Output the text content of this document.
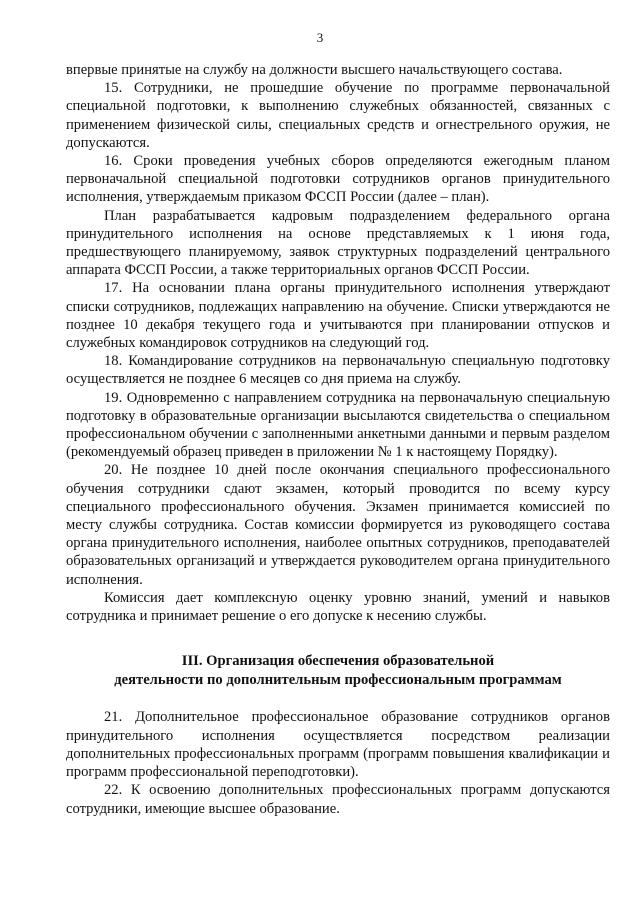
3

впервые принятые на службу на должности высшего начальствующего состава.

15. Сотрудники, не прошедшие обучение по программе первоначальной специальной подготовки, к выполнению служебных обязанностей, связанных с применением физической силы, специальных средств и огнестрельного оружия, не допускаются.

16. Сроки проведения учебных сборов определяются ежегодным планом первоначальной специальной подготовки сотрудников органов принудительного исполнения, утверждаемым приказом ФССП России (далее – план).

План разрабатывается кадровым подразделением федерального органа принудительного исполнения на основе представляемых к 1 июня года, предшествующего планируемому, заявок структурных подразделений центрального аппарата ФССП России, а также территориальных органов ФССП России.

17. На основании плана органы принудительного исполнения утверждают списки сотрудников, подлежащих направлению на обучение. Списки утверждаются не позднее 10 декабря текущего года и учитываются при планировании отпусков и служебных командировок сотрудников на следующий год.

18. Командирование сотрудников на первоначальную специальную подготовку осуществляется не позднее 6 месяцев со дня приема на службу.

19. Одновременно с направлением сотрудника на первоначальную специальную подготовку в образовательные организации высылаются свидетельства о специальном профессиональном обучении с заполненными анкетными данными и первым разделом (рекомендуемый образец приведен в приложении № 1 к настоящему Порядку).

20. Не позднее 10 дней после окончания специального профессионального обучения сотрудники сдают экзамен, который проводится по всему курсу специального профессионального обучения. Экзамен принимается комиссией по месту службы сотрудника. Состав комиссии формируется из руководящего состава органа принудительного исполнения, наиболее опытных сотрудников, преподавателей образовательных организаций и утверждается руководителем органа принудительного исполнения.

Комиссия дает комплексную оценку уровню знаний, умений и навыков сотрудника и принимает решение о его допуске к несению службы.

III. Организация обеспечения образовательной
деятельности по дополнительным профессиональным программам

21. Дополнительное профессиональное образование сотрудников органов принудительного исполнения осуществляется посредством реализации дополнительных профессиональных программ (программ повышения квалификации и программ профессиональной переподготовки).

22. К освоению дополнительных профессиональных программ допускаются сотрудники, имеющие высшее образование.
